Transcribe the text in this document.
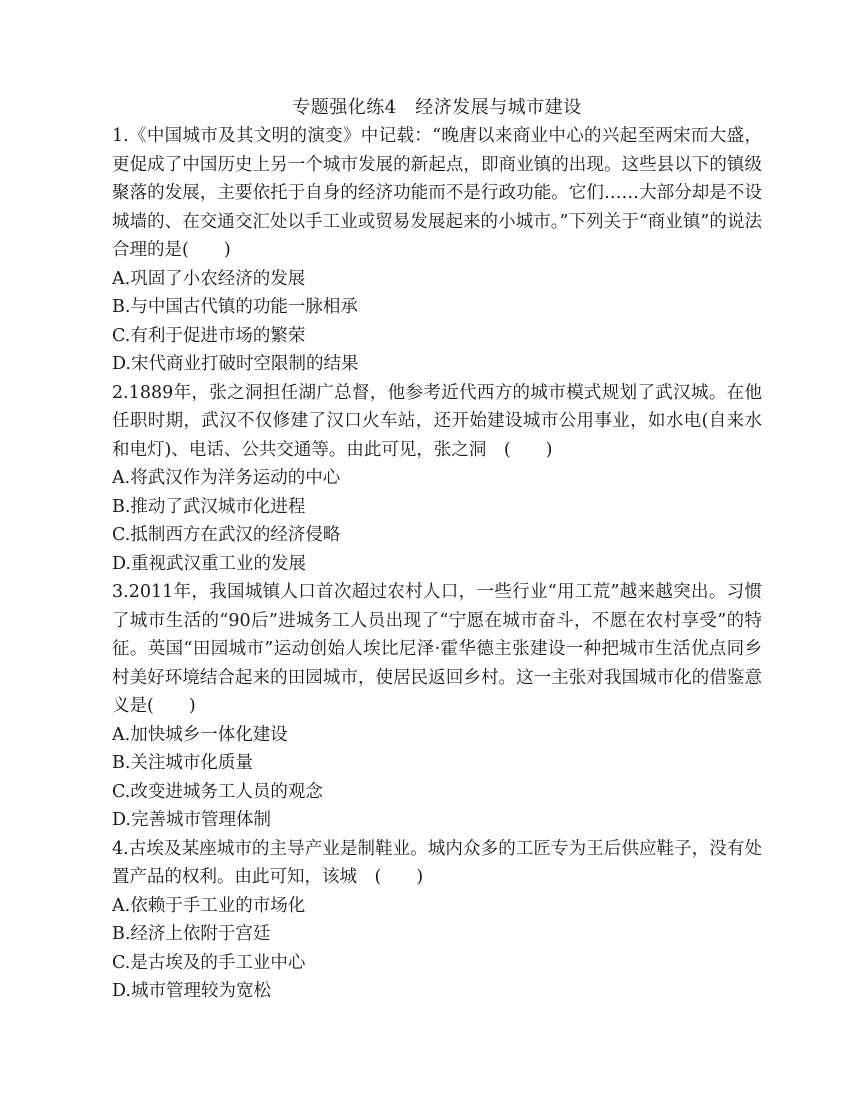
专题强化练4　经济发展与城市建设

1.《中国城市及其文明的演变》中记载：“晚唐以来商业中心的兴起至两宋而大盛，更促成了中国历史上另一个城市发展的新起点，即商业镇的出现。这些县以下的镇级聚落的发展，主要依托于自身的经济功能而不是行政功能。它们……大部分却是不设城墙的、在交通交汇处以手工业或贸易发展起来的小城市。”下列关于“商业镇”的说法合理的是(　　)

A.巩固了小农经济的发展

B.与中国古代镇的功能一脉相承

C.有利于促进市场的繁荣

D.宋代商业打破时空限制的结果

2.1889年，张之洞担任湖广总督，他参考近代西方的城市模式规划了武汉城。在他任职时期，武汉不仅修建了汉口火车站，还开始建设城市公用事业，如水电(自来水和电灯)、电话、公共交通等。由此可见，张之洞　(　　)

A.将武汉作为洋务运动的中心

B.推动了武汉城市化进程

C.抵制西方在武汉的经济侵略

D.重视武汉重工业的发展

3.2011年，我国城镇人口首次超过农村人口，一些行业“用工荒”越来越突出。习惯了城市生活的“90后”进城务工人员出现了“宁愿在城市奋斗，不愿在农村享受”的特征。英国“田园城市”运动创始人埃比尼泽·霍华德主张建设一种把城市生活优点同乡村美好环境结合起来的田园城市，使居民返回乡村。这一主张对我国城市化的借鉴意义是(　　)

A.加快城乡一体化建设

B.关注城市化质量

C.改变进城务工人员的观念

D.完善城市管理体制

4.古埃及某座城市的主导产业是制鞋业。城内众多的工匠专为王后供应鞋子，没有处置产品的权利。由此可知，该城　(　　)

A.依赖于手工业的市场化

B.经济上依附于宫廷

C.是古埃及的手工业中心

D.城市管理较为宽松
